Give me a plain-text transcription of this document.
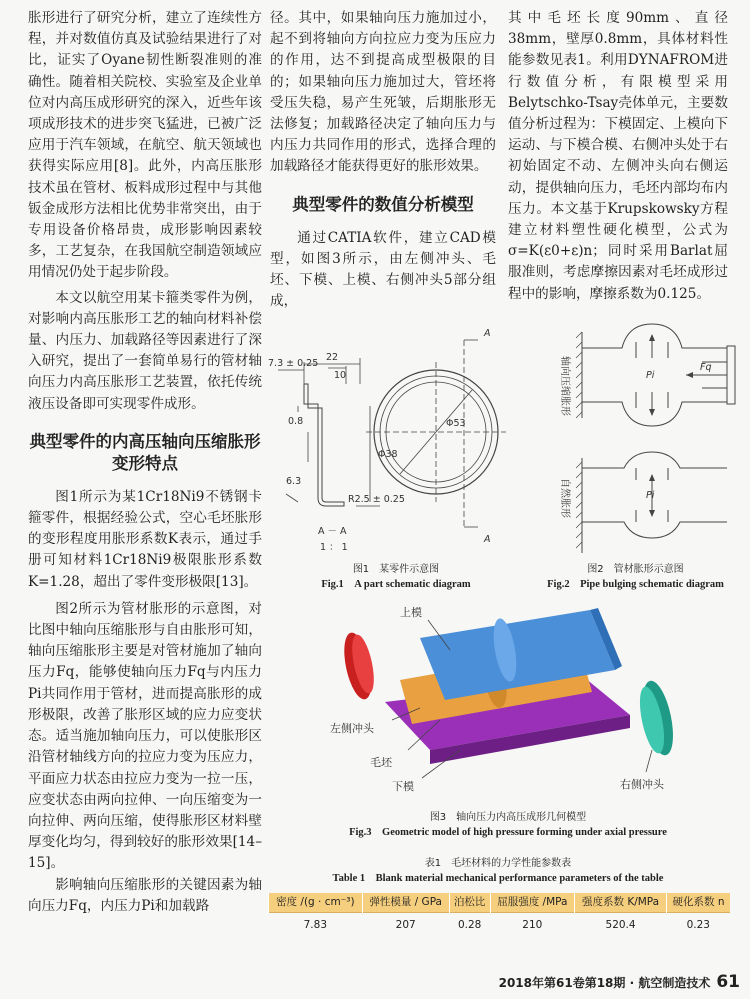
胀形进行了研究分析，建立了连续性方程，并对数值仿真及试验结果进行了对比，证实了Oyane韧性断裂准则的准确性。随着相关院校、实验室及企业单位对内高压成形研究的深入，近些年该项成形技术的进步突飞猛进，已被广泛应用于汽车领域，在航空、航天领域也获得实际应用[8]。此外，内高压胀形技术虽在管材、板料成形过程中与其他钣金成形方法相比优势非常突出，由于专用设备价格昂贵，成形影响因素较多，工艺复杂，在我国航空制造领域应用情况仍处于起步阶段。

本文以航空用某卡箍类零件为例，对影响内高压胀形工艺的轴向材料补偿量、内压力、加载路径等因素进行了深入研究，提出了一套简单易行的管材轴向压力内高压胀形工艺装置，依托传统液压设备即可实现零件成形。

典型零件的内高压轴向压缩胀形变形特点

图1所示为某1Cr18Ni9不锈钢卡箍零件，根据经验公式，空心毛坯胀形的变形程度用胀形系数K表示，通过手册可知材料1Cr18Ni9极限胀形系数K=1.28，超出了零件变形极限[13]。

图2所示为管材胀形的示意图，对比图中轴向压缩胀形与自由胀形可知，轴向压缩胀形主要是对管材施加了轴向压力Fq，能够使轴向压力Fq与内压力Pi共同作用于管材，进而提高胀形的成形极限，改善了胀形区域的应力应变状态。适当施加轴向压力，可以使胀形区沿管材轴线方向的拉应力变为压应力，平面应力状态由拉应力变为一拉一压，应变状态由两向拉伸、一向压缩变为一向拉伸、两向压缩，使得胀形区材料壁厚变化均匀，得到较好的胀形效果[14–15]。

影响轴向压缩胀形的关键因素为轴向压力Fq，内压力Pi和加载路

径。其中，如果轴向压力施加过小，起不到将轴向方向拉应力变为压应力的作用，达不到提高成型极限的目的；如果轴向压力施加过大，管坯将受压失稳，易产生死皱，后期胀形无法修复；加载路径决定了轴向压力与内压力共同作用的形式，选择合理的加载路径才能获得更好的胀形效果。

典型零件的数值分析模型

通过CATIA软件，建立CAD模型，如图3所示，由左侧冲头、毛坯、下模、上模、右侧冲头5部分组成，

其中毛坯长度90mm、直径38mm，壁厚0.8mm，具体材料性能参数见表1。利用DYNAFROM进行数值分析，有限模型采用Belytschko-Tsay壳体单元，主要数值分析过程为：下模固定、上模向下运动、与下模合模、右侧冲头处于右初始固定不动、左侧冲头向右侧运动，提供轴向压力，毛坯内部均布内压力。本文基于Krupskowsky方程建立材料塑性硬化模型，公式为σ=K(ε0+ε)n；同时采用Barlat屈服准则，考虑摩擦因素对毛坯成形过程中的影响，摩擦系数为0.125。

22
10
7.3 ± 0.25
0.8
Φ38
6.3
R2.5 ± 0.25
Φ53
A
A
A － A
1 ： 1
图1　某零件示意图
Fig.1　A part schematic diagram
Pi
Fq
Pi
轴向压缩胀形
自然胀形
图2　管材胀形示意图
Fig.2　Pipe bulging schematic diagram
上模
左侧冲头
毛坯
下模	右侧冲头
图3　轴向压力内高压成形几何模型
Fig.3　Geometric model of high pressure forming under axial pressure
表1　毛坯材料的力学性能参数表
Table 1　Blank material mechanical performance parameters of the table
密度 /(g · cm⁻³)	弹性模量 / GPa	泊松比	屈服强度 /MPa	强度系数 K/MPa	硬化系数 n
7.83	207	0.28	210	520.4	0.23
2018年第61卷第18期 · 航空制造技术 61
